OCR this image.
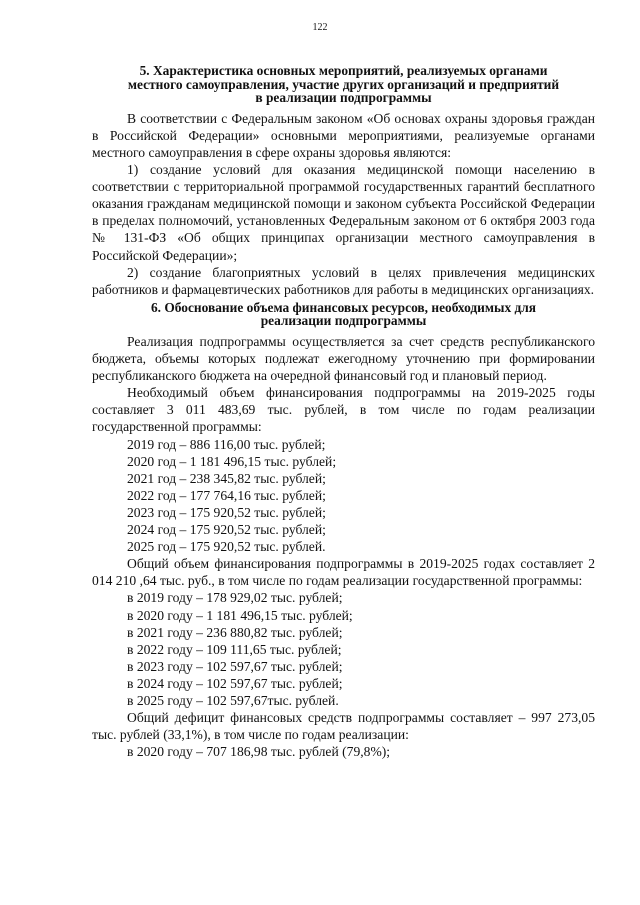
122
5. Характеристика основных мероприятий, реализуемых органами
местного самоуправления, участие других организаций и предприятий
в реализации подпрограммы

В соответствии с Федеральным законом «Об основах охраны здоровья граждан в Российской Федерации» основными мероприятиями, реализуемые органами местного самоуправления в сфере охраны здоровья являются:

1) создание условий для оказания медицинской помощи населению в соответствии с территориальной программой государственных гарантий бесплатного оказания гражданам медицинской помощи и законом субъекта Российской Федерации в пределах полномочий, установленных Федеральным законом от 6 октября 2003 года № 131-ФЗ «Об общих принципах организации местного самоуправления в Российской Федерации»;

2) создание благоприятных условий в целях привлечения медицинских работников и фармацевтических работников для работы в медицинских организациях.

6. Обоснование объема финансовых ресурсов, необходимых для
реализации подпрограммы

Реализация подпрограммы осуществляется за счет средств республиканского бюджета, объемы которых подлежат ежегодному уточнению при формировании республиканского бюджета на очередной финансовый год и плановый период.

Необходимый объем финансирования подпрограммы на 2019-2025 годы составляет 3 011 483,69 тыс. рублей, в том числе по годам реализации государственной программы:

2019 год – 886 116,00 тыс. рублей;

2020 год – 1 181 496,15 тыс. рублей;

2021 год – 238 345,82 тыс. рублей;

2022 год – 177 764,16 тыс. рублей;

2023 год – 175 920,52 тыс. рублей;

2024 год – 175 920,52 тыс. рублей;

2025 год – 175 920,52 тыс. рублей.

Общий объем финансирования подпрограммы в 2019-2025 годах составляет 2 014 210 ,64 тыс. руб., в том числе по годам реализации государственной программы:

в 2019 году – 178 929,02 тыс. рублей;

в 2020 году – 1 181 496,15 тыс. рублей;

в 2021 году – 236 880,82 тыс. рублей;

в 2022 году – 109 111,65 тыс. рублей;

в 2023 году – 102 597,67 тыс. рублей;

в 2024 году – 102 597,67 тыс. рублей;

в 2025 году – 102 597,67тыс. рублей.

Общий дефицит финансовых средств подпрограммы составляет – 997 273,05 тыс. рублей (33,1%), в том числе по годам реализации:

в 2020 году – 707 186,98 тыс. рублей (79,8%);
